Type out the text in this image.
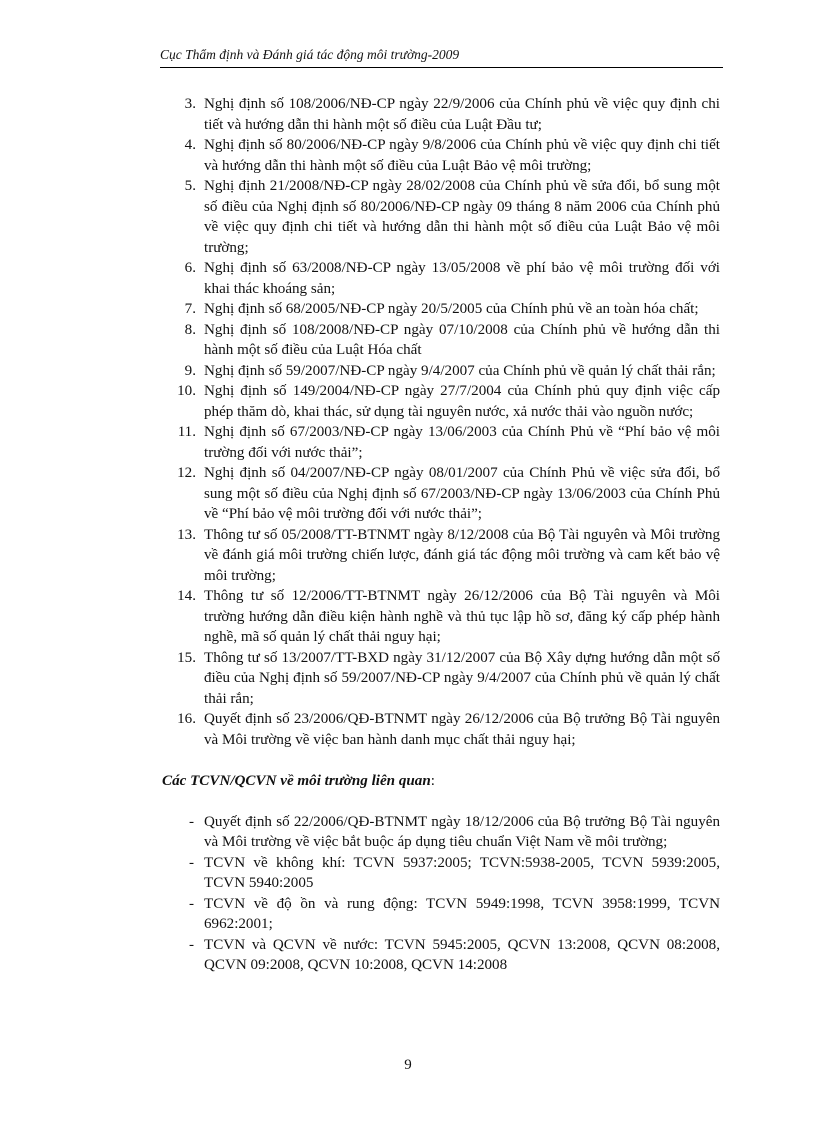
Cục Thẩm định và Đánh giá tác động môi trường-2009
3. Nghị định số 108/2006/NĐ-CP ngày 22/9/2006 của Chính phủ về việc quy định chi tiết và hướng dẫn thi hành một số điều của Luật Đầu tư;
4. Nghị định số 80/2006/NĐ-CP ngày 9/8/2006 của Chính phủ về việc quy định chi tiết và hướng dẫn thi hành một số điều của Luật Bảo vệ môi trường;
5. Nghị định 21/2008/NĐ-CP ngày 28/02/2008 của Chính phủ về sửa đổi, bổ sung một số điều của Nghị định số 80/2006/NĐ-CP ngày 09 tháng 8 năm 2006 của Chính phủ về việc quy định chi tiết và hướng dẫn thi hành một số điều của Luật Bảo vệ môi trường;
6. Nghị định số 63/2008/NĐ-CP ngày 13/05/2008 về phí bảo vệ môi trường đối với khai thác khoáng sản;
7. Nghị định số 68/2005/NĐ-CP ngày 20/5/2005 của Chính phủ về an toàn hóa chất;
8. Nghị định số 108/2008/NĐ-CP ngày 07/10/2008 của Chính phủ về hướng dẫn thi hành một số điều của Luật Hóa chất
9. Nghị định số 59/2007/NĐ-CP ngày 9/4/2007 của Chính phủ về quản lý chất thải rắn;
10. Nghị định số 149/2004/NĐ-CP ngày 27/7/2004 của Chính phủ quy định việc cấp phép thăm dò, khai thác, sử dụng tài nguyên nước, xả nước thải vào nguồn nước;
11. Nghị định số 67/2003/NĐ-CP ngày 13/06/2003 của Chính Phủ về “Phí bảo vệ môi trường đối với nước thải”;
12. Nghị định số 04/2007/NĐ-CP ngày 08/01/2007 của Chính Phủ về việc sửa đổi, bổ sung một số điều của Nghị định số 67/2003/NĐ-CP ngày 13/06/2003 của Chính Phủ về “Phí bảo vệ môi trường đối với nước thải”;
13. Thông tư số 05/2008/TT-BTNMT ngày 8/12/2008 của Bộ Tài nguyên và Môi trường về đánh giá môi trường chiến lược, đánh giá tác động môi trường và cam kết bảo vệ môi trường;
14. Thông tư số 12/2006/TT-BTNMT ngày 26/12/2006 của Bộ Tài nguyên và Môi trường hướng dẫn điều kiện hành nghề và thủ tục lập hồ sơ, đăng ký cấp phép hành nghề, mã số quản lý chất thải nguy hại;
15. Thông tư số 13/2007/TT-BXD ngày 31/12/2007 của Bộ Xây dựng hướng dẫn một số điều của Nghị định số 59/2007/NĐ-CP ngày 9/4/2007 của Chính phủ về quản lý chất thải rắn;
16. Quyết định số 23/2006/QĐ-BTNMT ngày 26/12/2006 của Bộ trưởng Bộ Tài nguyên và Môi trường về việc ban hành danh mục chất thải nguy hại;

Các TCVN/QCVN về môi trường liên quan:

- Quyết định số 22/2006/QĐ-BTNMT ngày 18/12/2006 của Bộ trưởng Bộ Tài nguyên và Môi trường về việc bắt buộc áp dụng tiêu chuẩn Việt Nam về môi trường;
- TCVN về không khí: TCVN 5937:2005; TCVN:5938-2005, TCVN 5939:2005, TCVN 5940:2005
- TCVN về độ ồn và rung động: TCVN 5949:1998, TCVN 3958:1999, TCVN 6962:2001;
- TCVN và QCVN về nước: TCVN 5945:2005, QCVN 13:2008, QCVN 08:2008, QCVN 09:2008, QCVN 10:2008, QCVN 14:2008
9
